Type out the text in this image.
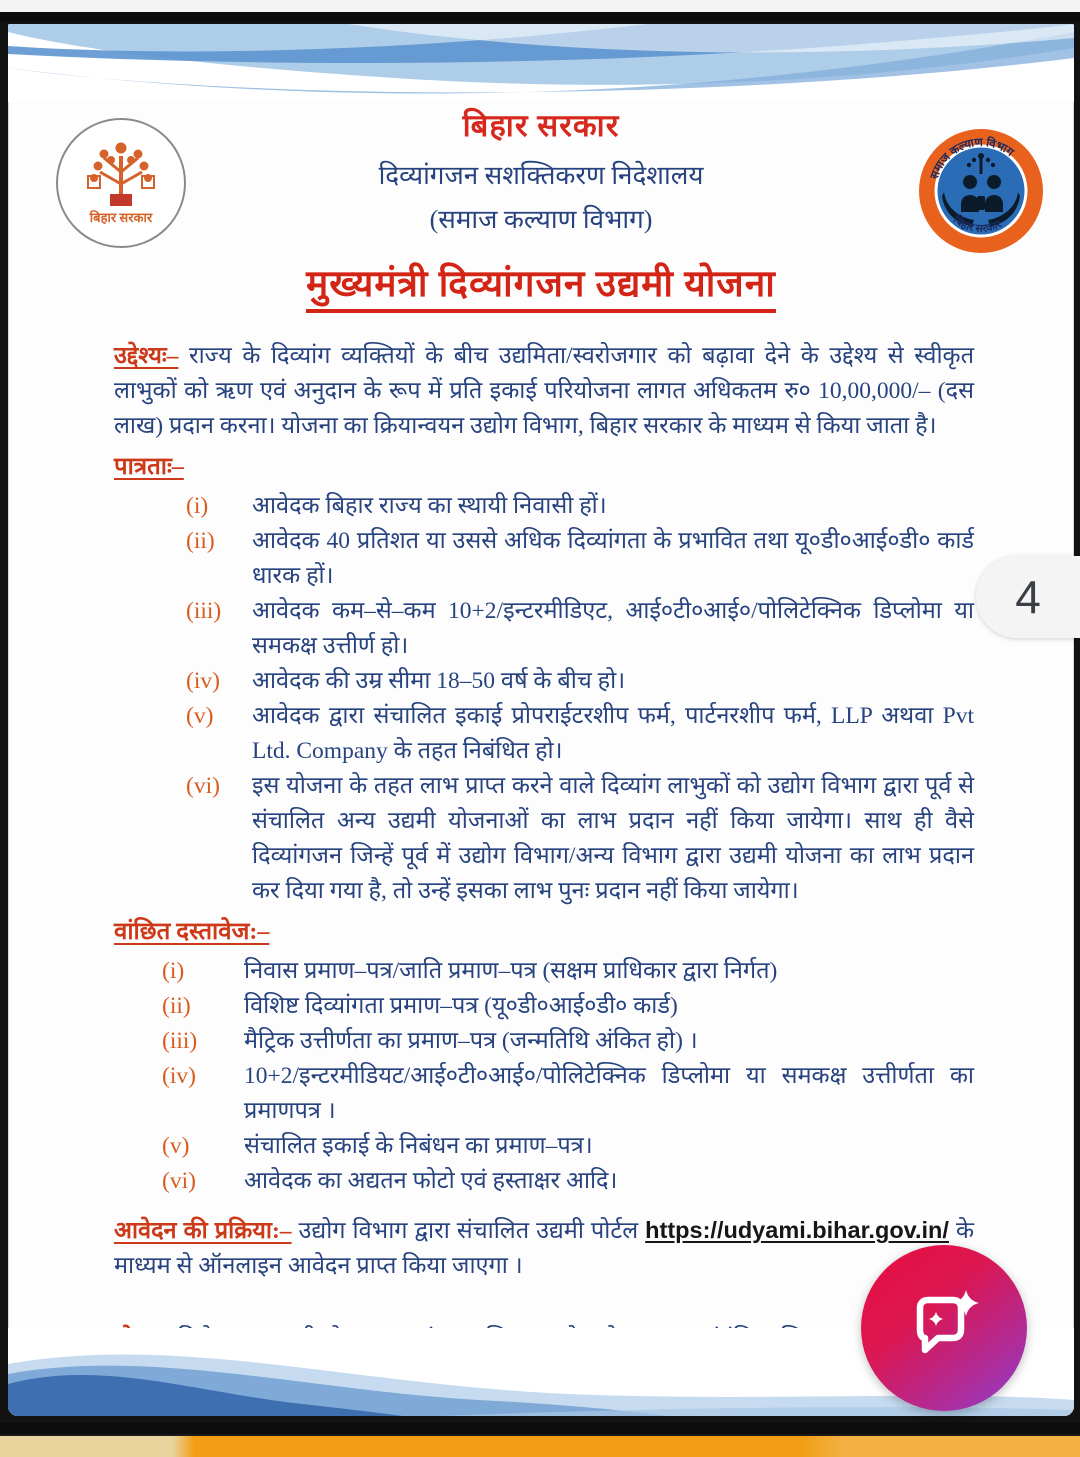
बिहार सरकार
समाज कल्याण विभाग
बिहार सरकार
बिहार सरकार
दिव्यांगजन सशक्तिकरण निदेशालय
(समाज कल्याण विभाग)
मुख्यमंत्री दिव्यांगजन उद्यमी योजना
उद्देश्यः– राज्य के दिव्यांग व्यक्तियों के बीच उद्यमिता/स्वरोजगार को बढ़ावा देने के उद्देश्य से स्वीकृत लाभुकों को ऋण एवं अनुदान के रूप में प्रति इकाई परियोजना लागत अधिकतम रु० 10,00,000/– (दस लाख) प्रदान करना। योजना का क्रियान्वयन उद्योग विभाग, बिहार सरकार के माध्यम से किया जाता है।
पात्रताः–
(i)	आवेदक बिहार राज्य का स्थायी निवासी हों।
(ii)	आवेदक 40 प्रतिशत या उससे अधिक दिव्यांगता के प्रभावित तथा यू०डी०आई०डी० कार्ड धारक हों।
(iii)	आवेदक कम–से–कम 10+2/इन्टरमीडिएट, आई०टी०आई०/पोलिटेक्निक डिप्लोमा या समकक्ष उत्तीर्ण हो।
(iv)	आवेदक की उम्र सीमा 18–50 वर्ष के बीच हो।
(v)	आवेदक द्वारा संचालित इकाई प्रोपराईटरशीप फर्म, पार्टनरशीप फर्म, LLP अथवा Pvt Ltd. Company के तहत निबंधित हो।
(vi)	इस योजना के तहत लाभ प्राप्त करने वाले दिव्यांग लाभुकों को उद्योग विभाग द्वारा पूर्व से संचालित अन्य उद्यमी योजनाओं का लाभ प्रदान नहीं किया जायेगा। साथ ही वैसे दिव्यांगजन जिन्हें पूर्व में उद्योग विभाग/अन्य विभाग द्वारा उद्यमी योजना का लाभ प्रदान कर दिया गया है, तो उन्हें इसका लाभ पुनः प्रदान नहीं किया जायेगा।
वांछित दस्तावेज:–
(i)	निवास प्रमाण–पत्र/जाति प्रमाण–पत्र (सक्षम प्राधिकार द्वारा निर्गत)
(ii)	विशिष्ट दिव्यांगता प्रमाण–पत्र (यू०डी०आई०डी० कार्ड)
(iii)	मैट्रिक उत्तीर्णता का प्रमाण–पत्र (जन्मतिथि अंकित हो) ।
(iv)	10+2/इन्टरमीडियट/आई०टी०आई०/पोलिटेक्निक डिप्लोमा या समकक्ष उत्तीर्णता का प्रमाणपत्र ।
(v)	संचालित इकाई के निबंधन का प्रमाण–पत्र।
(vi)	आवेदक का अद्यतन फोटो एवं हस्ताक्षर आदि।
आवेदन की प्रक्रिया:– उद्योग विभाग द्वारा संचालित उद्यमी पोर्टल https://udyami.bihar.gov.in/ के माध्यम से ऑनलाइन आवेदन प्राप्त किया जाएगा ।
4
